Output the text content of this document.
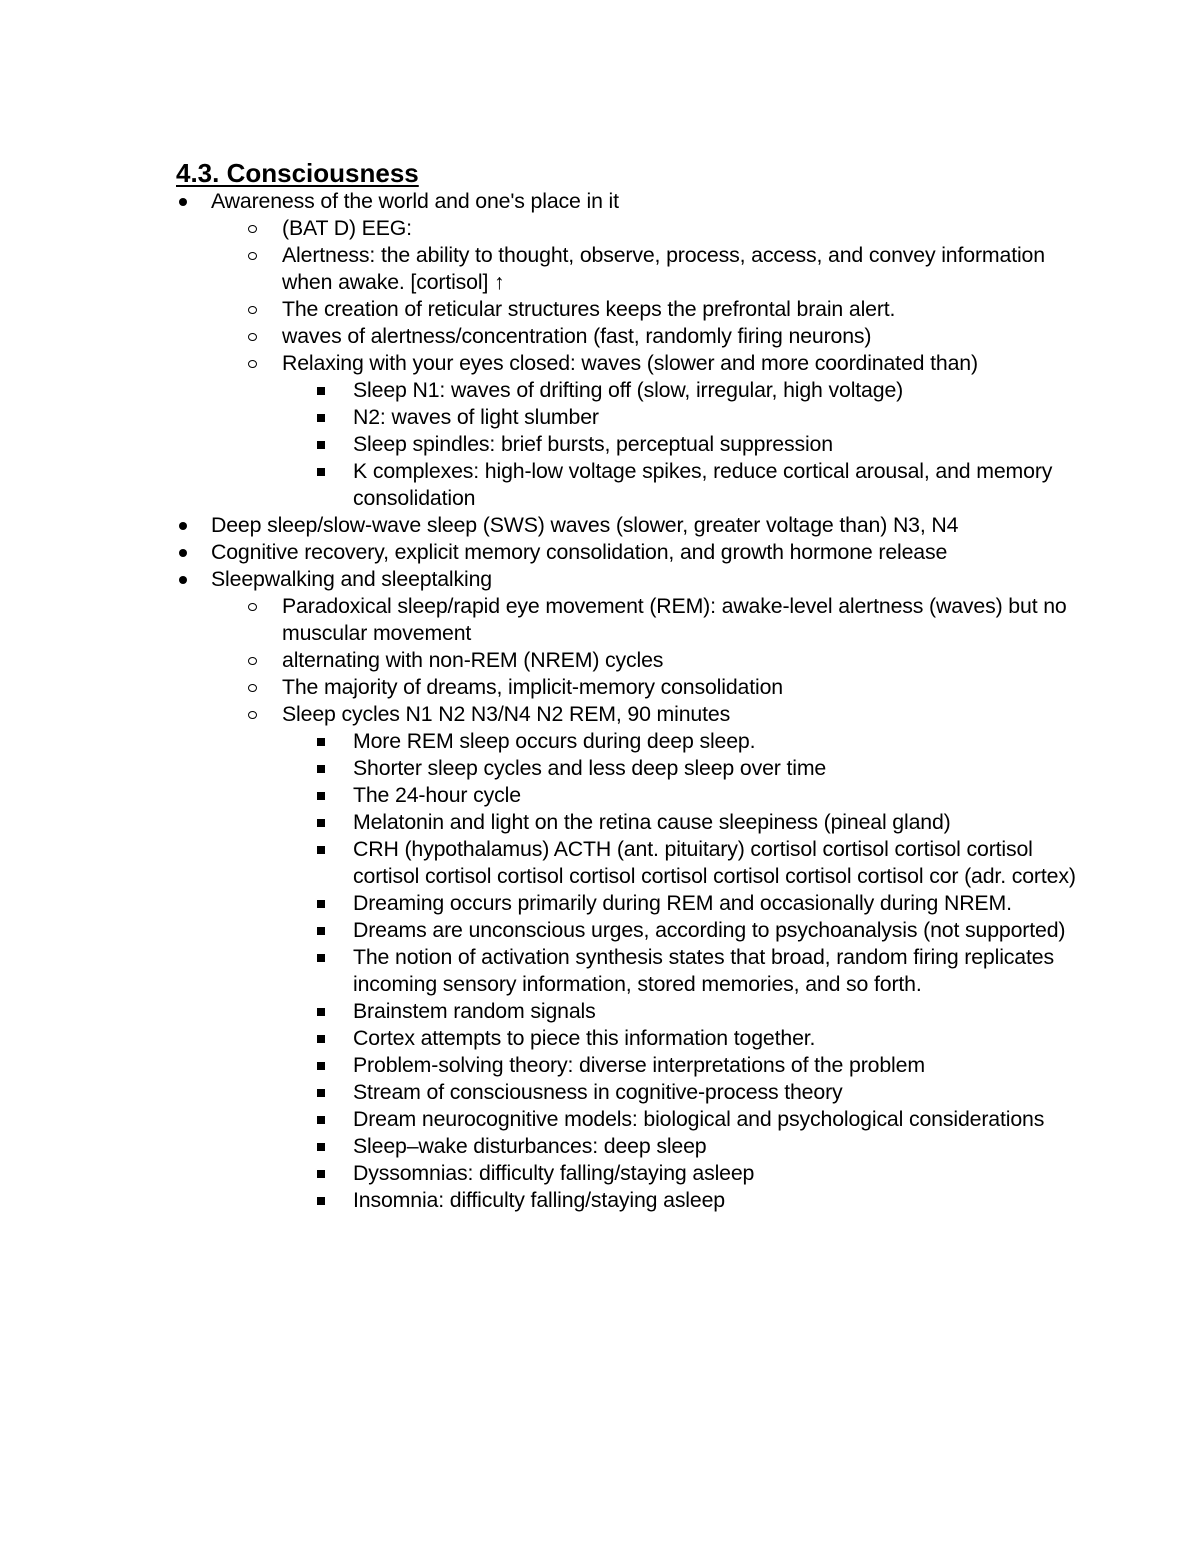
4.3. Consciousness
Awareness of the world and one's place in it
(BAT D) EEG:
Alertness: the ability to thought, observe, process, access, and convey information when awake. [cortisol] ↑
The creation of reticular structures keeps the prefrontal brain alert.
waves of alertness/concentration (fast, randomly firing neurons)
Relaxing with your eyes closed: waves (slower and more coordinated than)
Sleep N1: waves of drifting off (slow, irregular, high voltage)
N2: waves of light slumber
Sleep spindles: brief bursts, perceptual suppression
K complexes: high-low voltage spikes, reduce cortical arousal, and memory consolidation
Deep sleep/slow-wave sleep (SWS) waves (slower, greater voltage than) N3, N4
Cognitive recovery, explicit memory consolidation, and growth hormone release
Sleepwalking and sleeptalking
Paradoxical sleep/rapid eye movement (REM): awake-level alertness (waves) but no muscular movement
alternating with non-REM (NREM) cycles
The majority of dreams, implicit-memory consolidation
Sleep cycles N1 N2 N3/N4 N2 REM, 90 minutes
More REM sleep occurs during deep sleep.
Shorter sleep cycles and less deep sleep over time
The 24-hour cycle
Melatonin and light on the retina cause sleepiness (pineal gland)
CRH (hypothalamus) ACTH (ant. pituitary) cortisol cortisol cortisol cortisol cortisol cortisol cortisol cortisol cortisol cortisol cortisol cortisol cor (adr. cortex)
Dreaming occurs primarily during REM and occasionally during NREM.
Dreams are unconscious urges, according to psychoanalysis (not supported)
The notion of activation synthesis states that broad, random firing replicates incoming sensory information, stored memories, and so forth.
Brainstem random signals
Cortex attempts to piece this information together.
Problem-solving theory: diverse interpretations of the problem
Stream of consciousness in cognitive-process theory
Dream neurocognitive models: biological and psychological considerations
Sleep–wake disturbances: deep sleep
Dyssomnias: difficulty falling/staying asleep
Insomnia: difficulty falling/staying asleep
